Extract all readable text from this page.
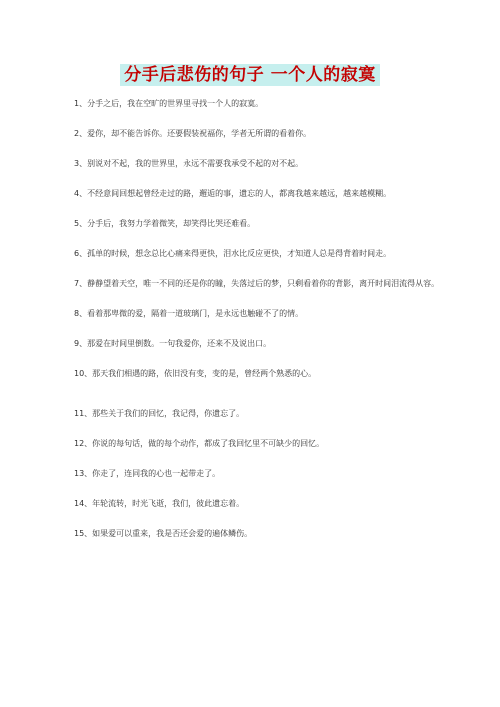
分手后悲伤的句子 一个人的寂寞
1、分手之后，我在空旷的世界里寻找一个人的寂寞。
2、爱你，却不能告诉你。还要假装祝福你，学者无所谓的看着你。
3、别说对不起，我的世界里，永远不需要我承受不起的对不起。
4、不经意间回想起曾经走过的路，邂逅的事，遗忘的人，都离我越来越远，越来越模糊。
5、分手后，我努力学着微笑，却笑得比哭还难看。
6、孤单的时候，想念总比心痛来得更快，泪水比反应更快，才知道人总是得背着时间走。
7、静静望着天空，唯一不同的还是你的瞳，失落过后的梦，只剩看着你的背影，离开时间泪流得从容。
8、看着那卑微的爱，隔着一道玻璃门，是永远也触碰不了的情。
9、那爱在时间里倒数。一句我爱你，还来不及说出口。
10、那天我们相遇的路，依旧没有变，变的是，曾经两个熟悉的心。
11、那些关于我们的回忆，我记得，你遗忘了。
12、你说的每句话，做的每个动作，都成了我回忆里不可缺少的回忆。
13、你走了，连同我的心也一起带走了。
14、年轮流转，时光飞逝，我们，彼此遗忘着。
15、如果爱可以重来，我是否还会爱的遍体鳞伤。
